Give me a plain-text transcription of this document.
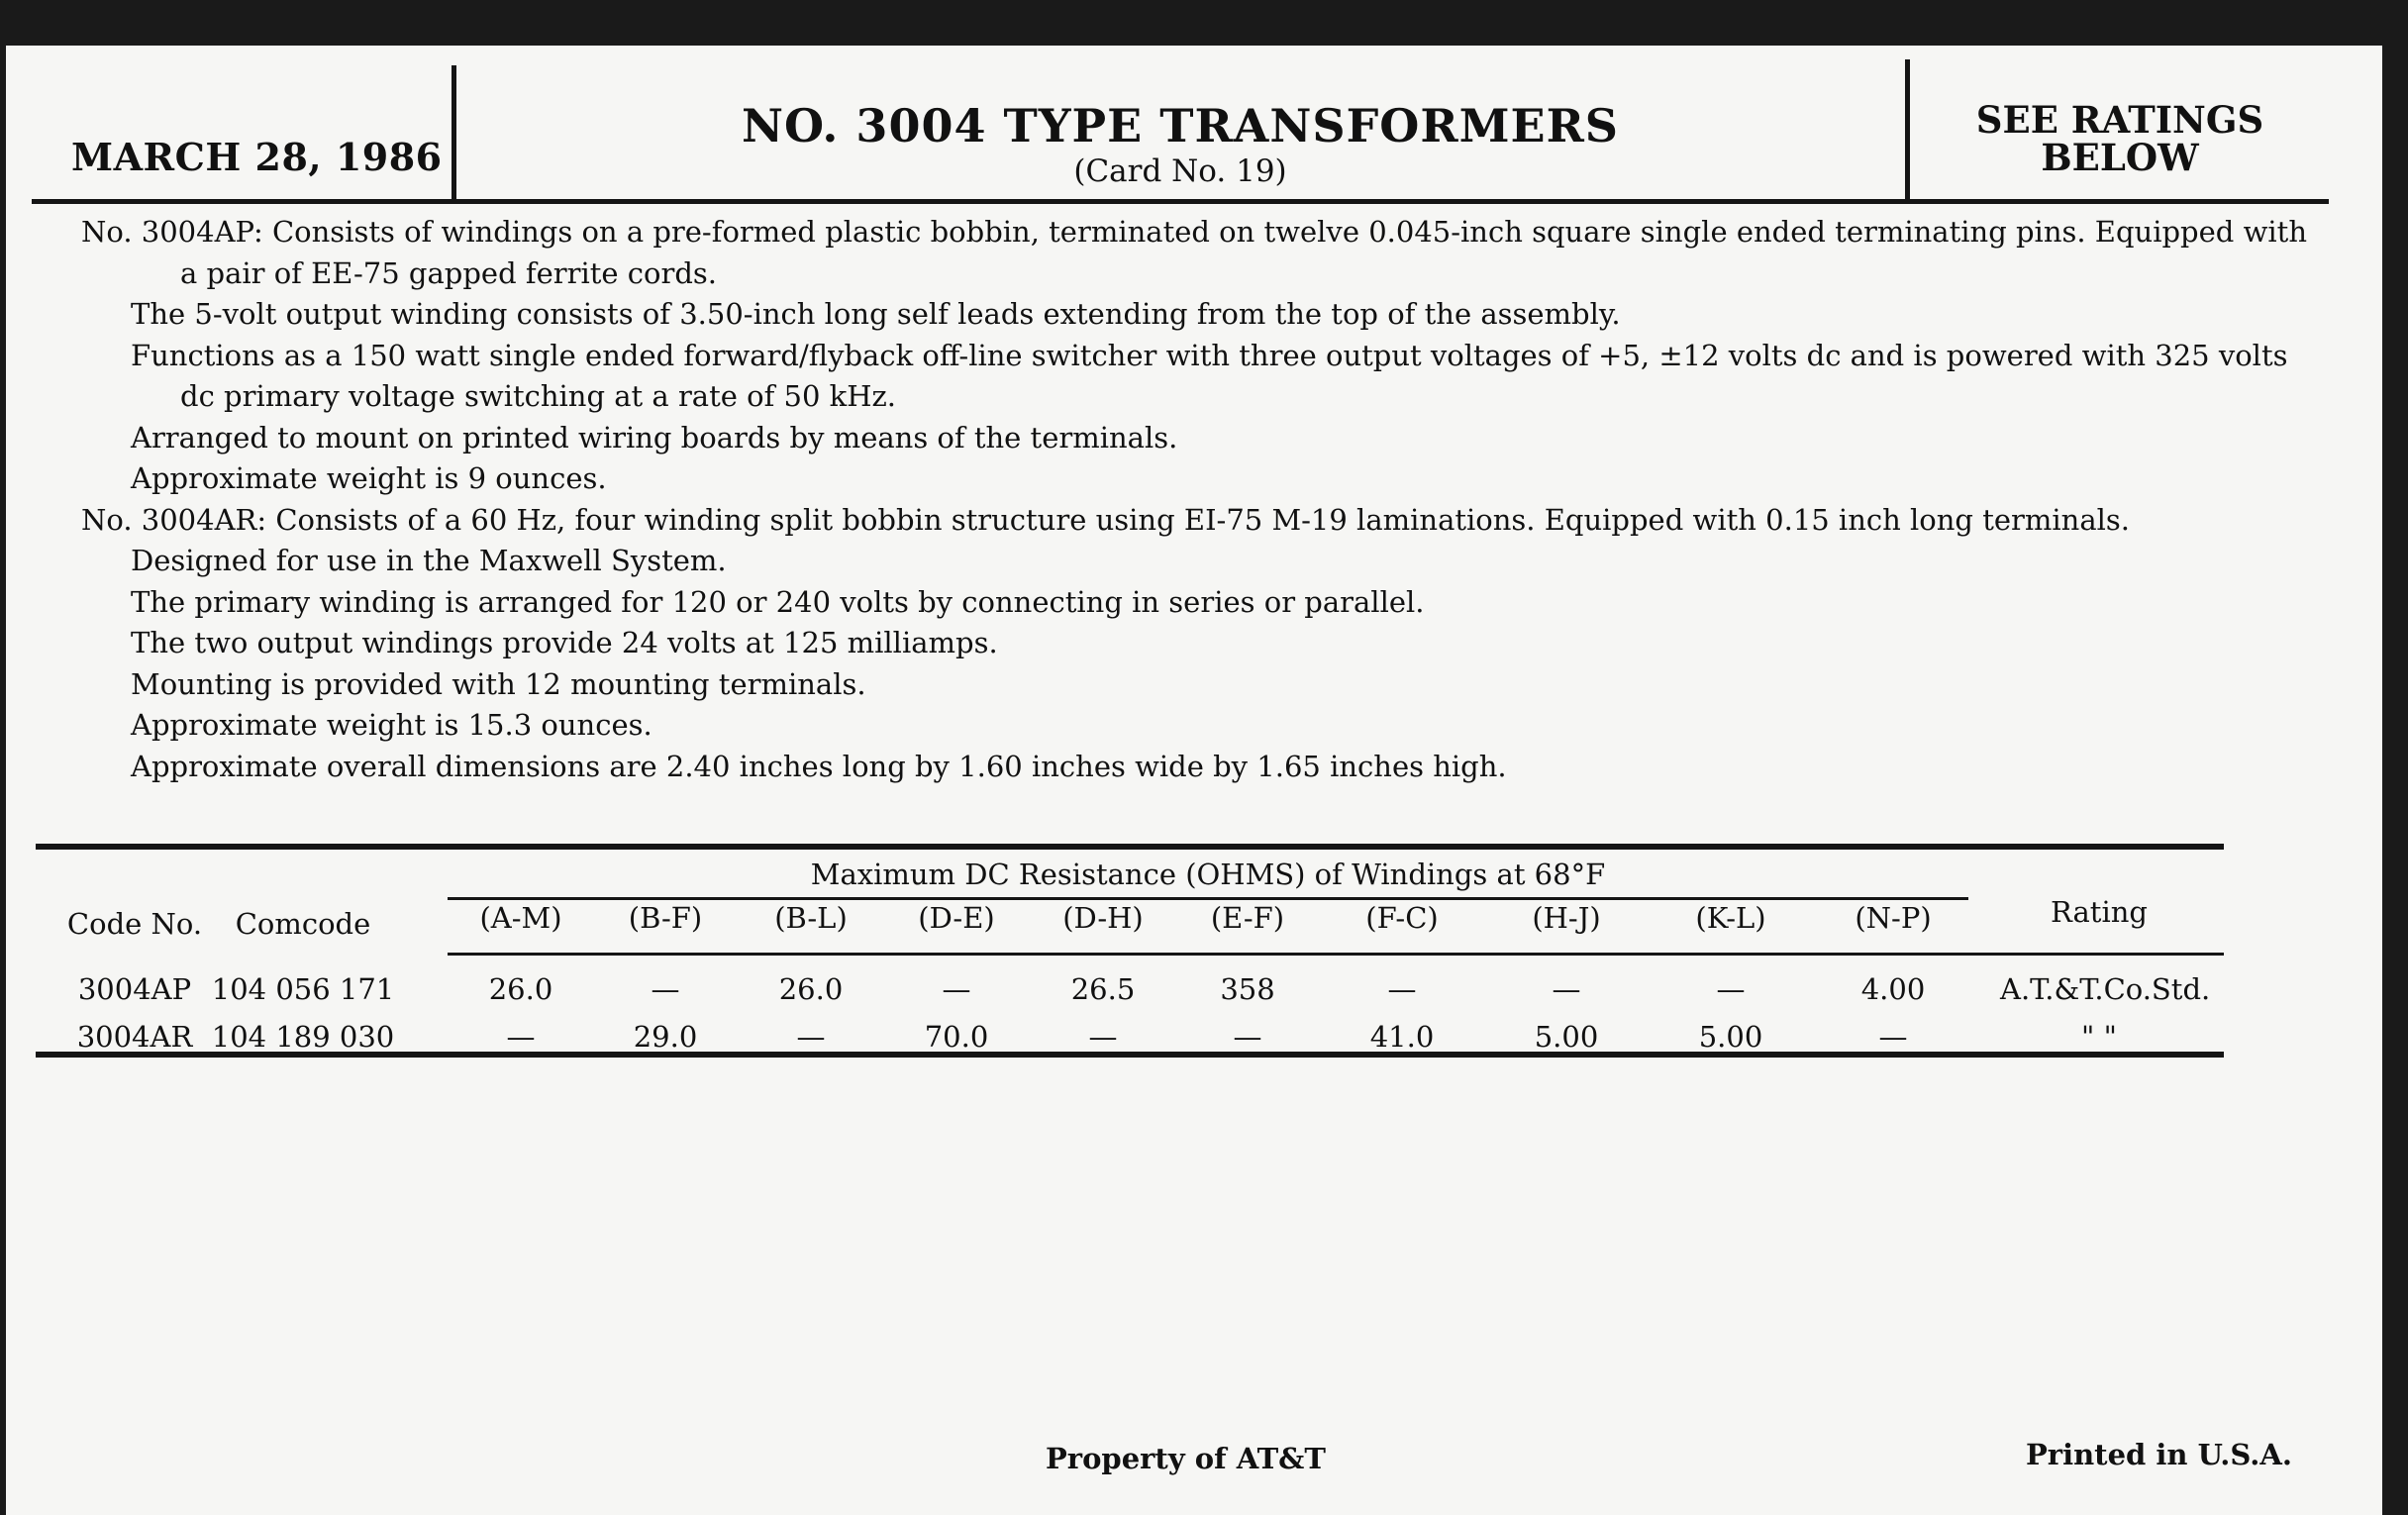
MARCH 28, 1986
NO. 3004 TYPE TRANSFORMERS
(Card No. 19)
SEE RATINGS
BELOW

No. 3004AP: Consists of windings on a pre-formed plastic bobbin, terminated on twelve 0.045-inch square single ended terminating pins. Equipped with a pair of EE-75 gapped ferrite cords.

The 5-volt output winding consists of 3.50-inch long self leads extending from the top of the assembly.

Functions as a 150 watt single ended forward/flyback off-line switcher with three output voltages of +5, ±12 volts dc and is powered with 325 volts dc primary voltage switching at a rate of 50 kHz.

Arranged to mount on printed wiring boards by means of the terminals.

Approximate weight is 9 ounces.

No. 3004AR: Consists of a 60 Hz, four winding split bobbin structure using EI-75 M-19 laminations. Equipped with 0.15 inch long terminals.

Designed for use in the Maxwell System.

The primary winding is arranged for 120 or 240 volts by connecting in series or parallel.

The two output windings provide 24 volts at 125 milliamps.

Mounting is provided with 12 mounting terminals.

Approximate weight is 15.3 ounces.

Approximate overall dimensions are 2.40 inches long by 1.60 inches wide by 1.65 inches high.

Maximum DC Resistance (OHMS) of Windings at 68°F
Code No.	Comcode	(A-M)	(B-F)	(B-L)	(D-E)	(D-H)	(E-F)	(F-C)	(H-J)	(K-L)	(N-P)	Rating
3004AP 104 056 171	26.0	—	26.0	—	26.5	358	—	—	—	4.00	A.T.&T.Co.Std.
3004AR 104 189 030	—	29.0	—	70.0	—	—	41.0	5.00	5.00	—	" "
Property of AT&T	Printed in U.S.A.
